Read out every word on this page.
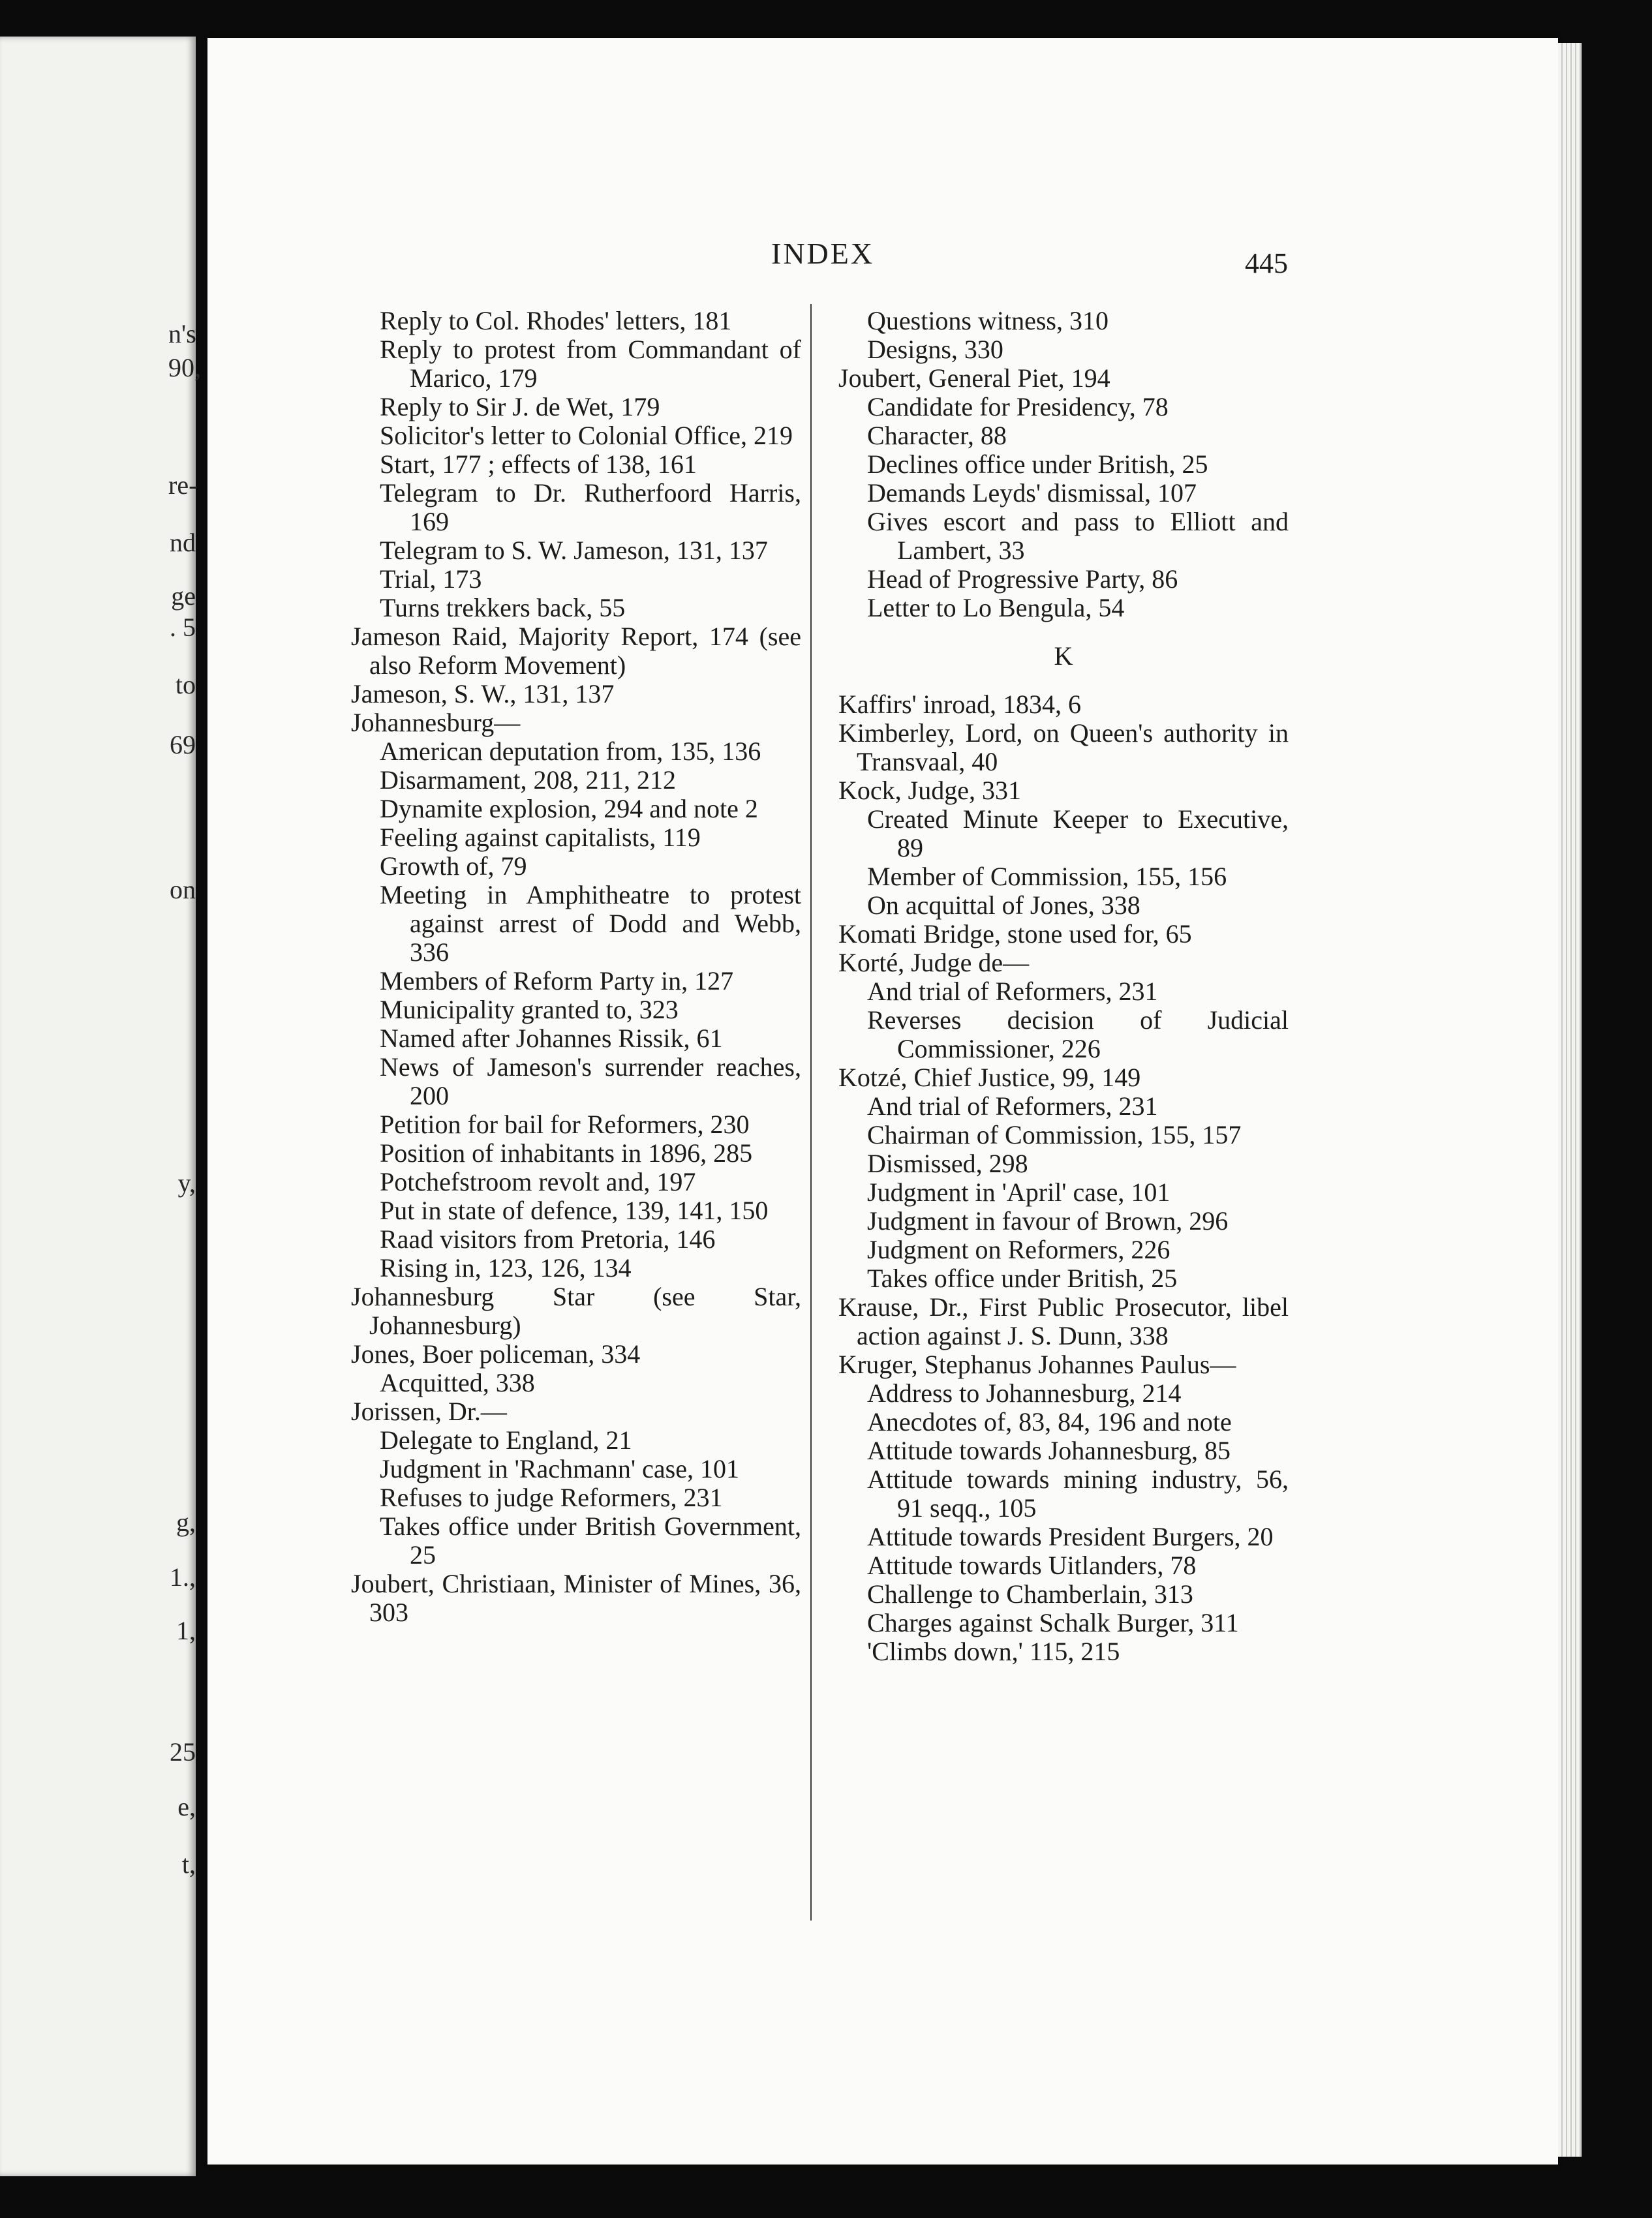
n's
90,
re-
nd
ge
. 5
to
69
on
y,
g,
1.,
1,
25
e,
t,
INDEX	445

Reply to Col. Rhodes' letters, 181

Reply to protest from Commandant of Marico, 179

Reply to Sir J. de Wet, 179

Solicitor's letter to Colonial Office, 219

Start, 177 ; effects of 138, 161

Telegram to Dr. Rutherfoord Harris, 169

Telegram to S. W. Jameson, 131, 137

Trial, 173

Turns trekkers back, 55

Jameson Raid, Majority Report, 174 (see also Reform Movement)

Jameson, S. W., 131, 137

Johannesburg—

American deputation from, 135, 136

Disarmament, 208, 211, 212

Dynamite explosion, 294 and note 2

Feeling against capitalists, 119

Growth of, 79

Meeting in Amphitheatre to protest against arrest of Dodd and Webb, 336

Members of Reform Party in, 127

Municipality granted to, 323

Named after Johannes Rissik, 61

News of Jameson's surrender reaches, 200

Petition for bail for Reformers, 230

Position of inhabitants in 1896, 285

Potchefstroom revolt and, 197

Put in state of defence, 139, 141, 150

Raad visitors from Pretoria, 146

Rising in, 123, 126, 134

Johannesburg Star (see Star, Johannesburg)

Jones, Boer policeman, 334

Acquitted, 338

Jorissen, Dr.—

Delegate to England, 21

Judgment in 'Rachmann' case, 101

Refuses to judge Reformers, 231

Takes office under British Government, 25

Joubert, Christiaan, Minister of Mines, 36, 303

Questions witness, 310

Designs, 330

Joubert, General Piet, 194

Candidate for Presidency, 78

Character, 88

Declines office under British, 25

Demands Leyds' dismissal, 107

Gives escort and pass to Elliott and Lambert, 33

Head of Progressive Party, 86

Letter to Lo Bengula, 54

K

Kaffirs' inroad, 1834, 6

Kimberley, Lord, on Queen's authority in Transvaal, 40

Kock, Judge, 331

Created Minute Keeper to Executive, 89

Member of Commission, 155, 156

On acquittal of Jones, 338

Komati Bridge, stone used for, 65

Korté, Judge de—

And trial of Reformers, 231

Reverses decision of Judicial Commissioner, 226

Kotzé, Chief Justice, 99, 149

And trial of Reformers, 231

Chairman of Commission, 155, 157

Dismissed, 298

Judgment in 'April' case, 101

Judgment in favour of Brown, 296

Judgment on Reformers, 226

Takes office under British, 25

Krause, Dr., First Public Prosecutor, libel action against J. S. Dunn, 338

Kruger, Stephanus Johannes Paulus—

Address to Johannesburg, 214

Anecdotes of, 83, 84, 196 and note

Attitude towards Johannesburg, 85

Attitude towards mining industry, 56, 91 seqq., 105

Attitude towards President Burgers, 20

Attitude towards Uitlanders, 78

Challenge to Chamberlain, 313

Charges against Schalk Burger, 311

'Climbs down,' 115, 215
